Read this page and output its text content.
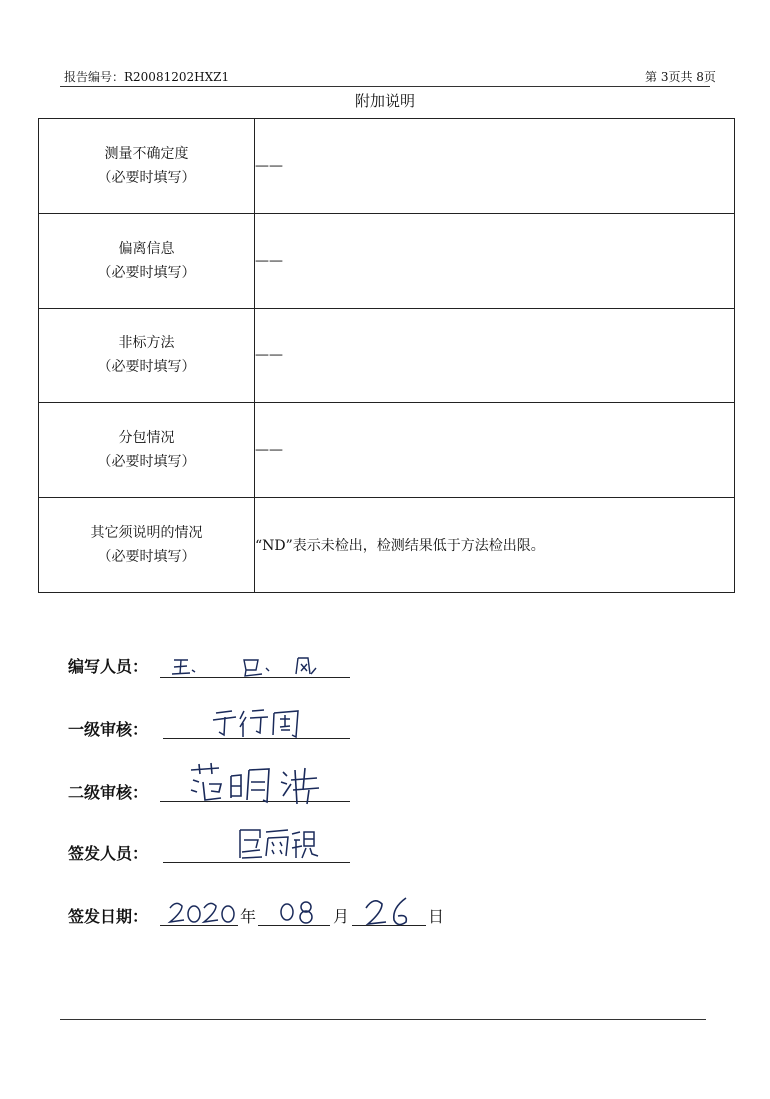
报告编号：R20081202HXZ1	第 3页共 8页
附加说明
测量不确定度
（必要时填写）	——

偏离信息
（必要时填写）	——

非标方法
（必要时填写）	——

分包情况
（必要时填写）	——

其它须说明的情况
（必要时填写）	“ND”表示未检出，检测结果低于方法检出限。
编写人员：
一级审核：
二级审核：
签发人员：
签发日期：	年	月	日
